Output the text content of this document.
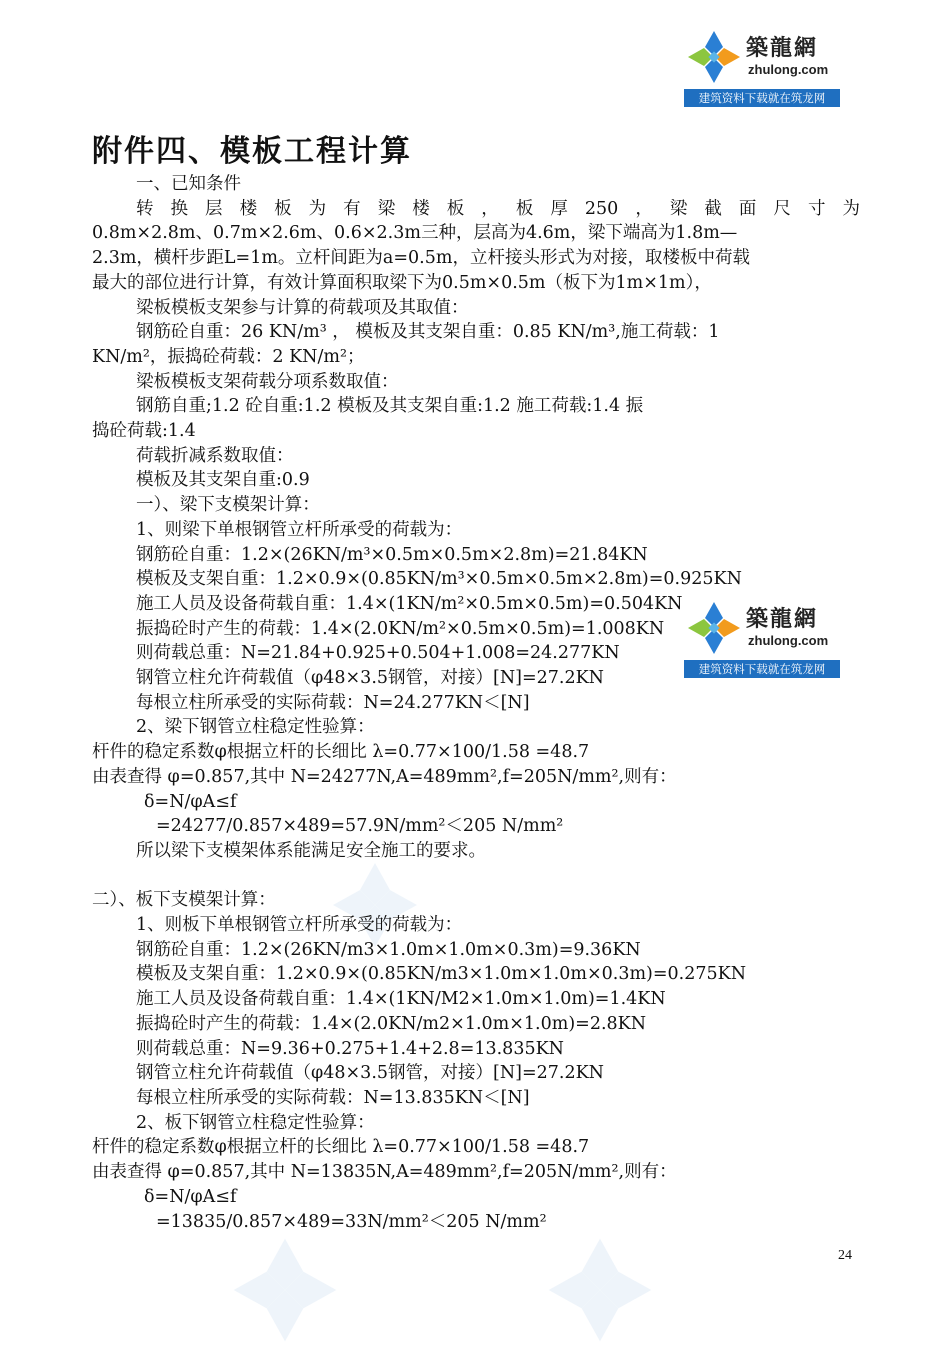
築龍網
zhulong.com
建筑资料下载就在筑龙网
附件四、模板工程计算

一、已知条件

转换层楼板为有梁楼板，板厚250，梁截面尺寸为

0.8m×2.8m、0.7m×2.6m、0.6×2.3m三种，层高为4.6m，梁下端高为1.8m—

2.3m，横杆步距L=1m。立杆间距为a=0.5m，立杆接头形式为对接，取楼板中荷载

最大的部位进行计算，有效计算面积取梁下为0.5m×0.5m（板下为1m×1m），

梁板模板支架参与计算的荷载项及其取值：

钢筋砼自重：26 KN/m³ ， 模板及其支架自重：0.85 KN/m³,施工荷载：1

KN/m²，振捣砼荷载：2 KN/m²；

梁板模板支架荷载分项系数取值：

钢筋自重;1.2 砼自重:1.2 模板及其支架自重:1.2 施工荷载:1.4 振

捣砼荷载:1.4

荷载折减系数取值：

模板及其支架自重:0.9

一）、梁下支模架计算：

1、则梁下单根钢管立杆所承受的荷载为：

钢筋砼自重：1.2×(26KN/m³×0.5m×0.5m×2.8m)=21.84KN

模板及支架自重：1.2×0.9×(0.85KN/m³×0.5m×0.5m×2.8m)=0.925KN

施工人员及设备荷载自重：1.4×(1KN/m²×0.5m×0.5m)=0.504KN

振捣砼时产生的荷载：1.4×(2.0KN/m²×0.5m×0.5m)=1.008KN

则荷载总重：N=21.84+0.925+0.504+1.008=24.277KN

钢管立柱允许荷载值（φ48×3.5钢管，对接）[N]=27.2KN

每根立柱所承受的实际荷载：N=24.277KN＜[N]

2、梁下钢管立柱稳定性验算：

杆件的稳定系数φ根据立杆的长细比 λ=0.77×100/1.58 =48.7

由表查得 φ=0.857,其中 N=24277N,A=489mm²,f=205N/mm²,则有：

δ=N/φA≤f

=24277/0.857×489=57.9N/mm²＜205 N/mm²

所以梁下支模架体系能满足安全施工的要求。

二）、板下支模架计算：

1、则板下单根钢管立杆所承受的荷载为：

钢筋砼自重：1.2×(26KN/m3×1.0m×1.0m×0.3m)=9.36KN

模板及支架自重：1.2×0.9×(0.85KN/m3×1.0m×1.0m×0.3m)=0.275KN

施工人员及设备荷载自重：1.4×(1KN/M2×1.0m×1.0m)=1.4KN

振捣砼时产生的荷载：1.4×(2.0KN/m2×1.0m×1.0m)=2.8KN

则荷载总重：N=9.36+0.275+1.4+2.8=13.835KN

钢管立柱允许荷载值（φ48×3.5钢管，对接）[N]=27.2KN

每根立柱所承受的实际荷载：N=13.835KN＜[N]

2、板下钢管立柱稳定性验算：

杆件的稳定系数φ根据立杆的长细比 λ=0.77×100/1.58 =48.7

由表查得 φ=0.857,其中 N=13835N,A=489mm²,f=205N/mm²,则有：

δ=N/φA≤f

=13835/0.857×489=33N/mm²＜205 N/mm²

築龍網
zhulong.com
建筑资料下载就在筑龙网
24
